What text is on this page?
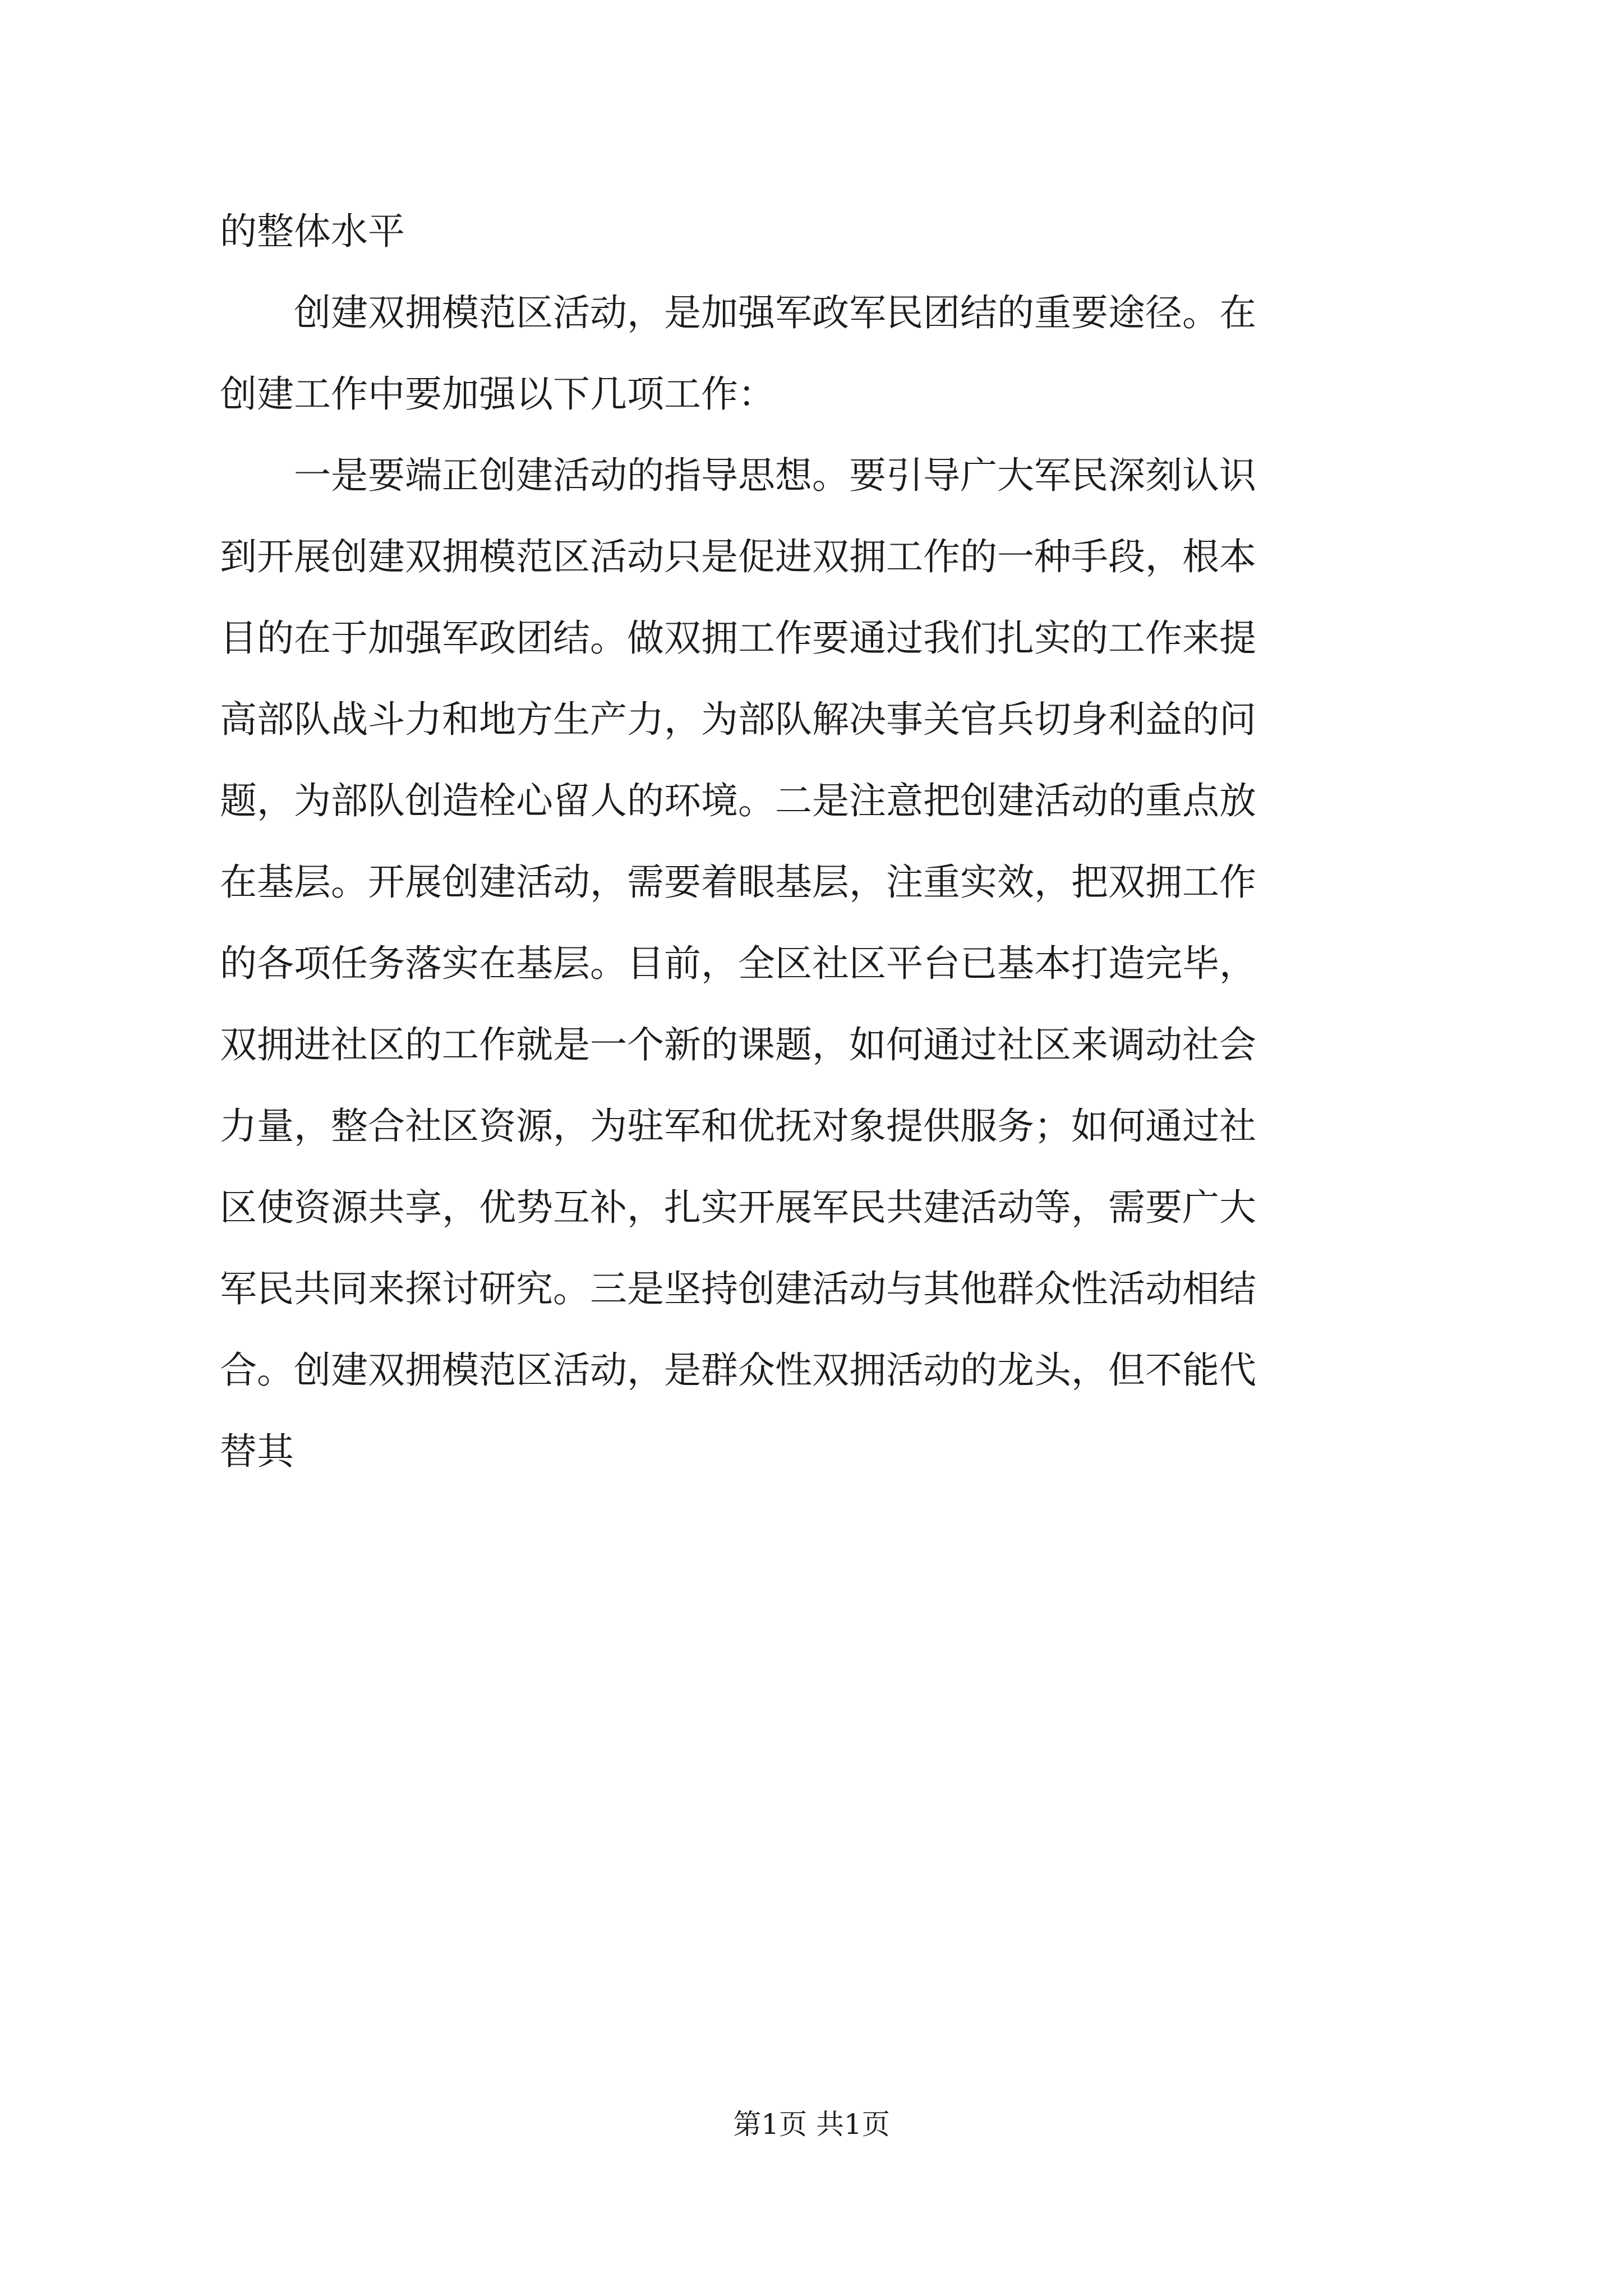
的整体水平
　　创建双拥模范区活动，是加强军政军民团结的重要途径。在
创建工作中要加强以下几项工作：
　　一是要端正创建活动的指导思想。要引导广大军民深刻认识
到开展创建双拥模范区活动只是促进双拥工作的一种手段，根本
目的在于加强军政团结。做双拥工作要通过我们扎实的工作来提
高部队战斗力和地方生产力，为部队解决事关官兵切身利益的问
题，为部队创造栓心留人的环境。二是注意把创建活动的重点放
在基层。开展创建活动，需要着眼基层，注重实效，把双拥工作
的各项任务落实在基层。目前，全区社区平台已基本打造完毕，
双拥进社区的工作就是一个新的课题，如何通过社区来调动社会
力量，整合社区资源，为驻军和优抚对象提供服务；如何通过社
区使资源共享，优势互补，扎实开展军民共建活动等，需要广大
军民共同来探讨研究。三是坚持创建活动与其他群众性活动相结
合。创建双拥模范区活动，是群众性双拥活动的龙头，但不能代
替其
第1页 共1页
